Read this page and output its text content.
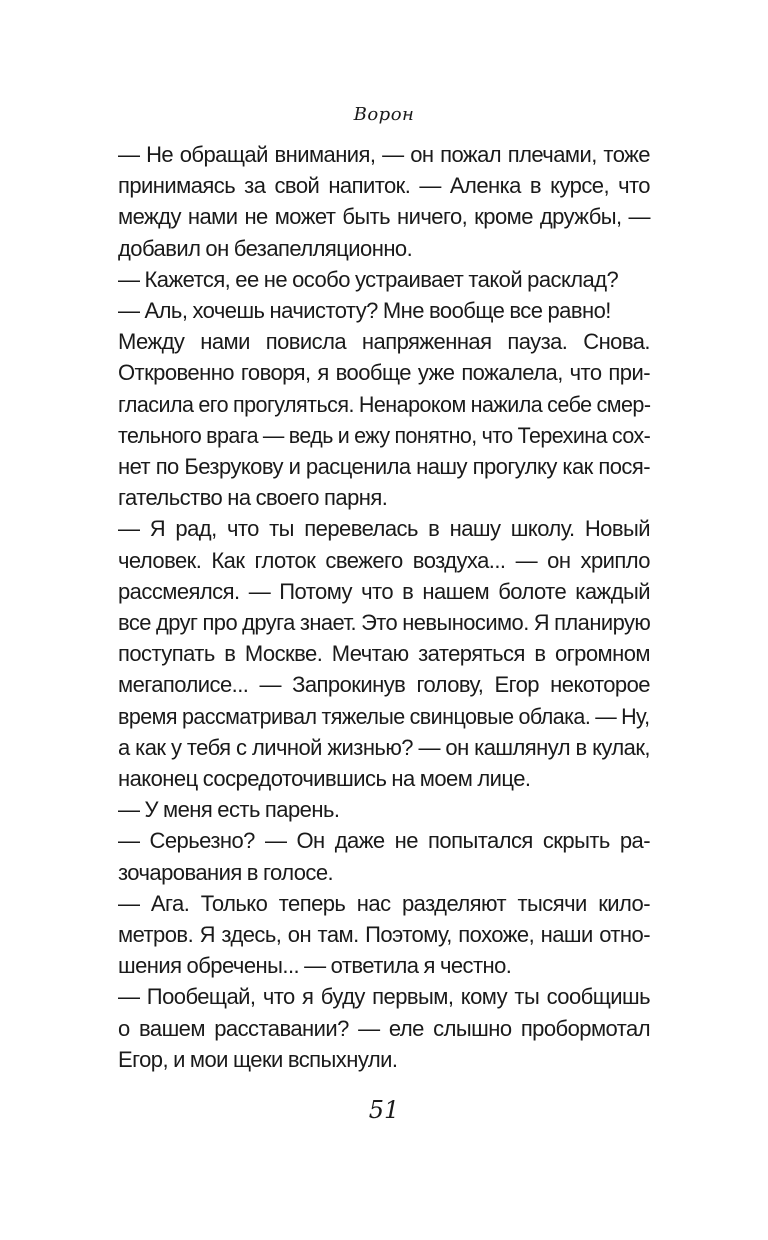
Ворон

— Не обращай внимания, — он пожал плечами, тоже
принимаясь за свой напиток. — Аленка в курсе, что
между нами не может быть ничего, кроме дружбы, —
добавил он безапелляционно.

— Кажется, ее не особо устраивает такой расклад?

— Аль, хочешь начистоту? Мне вообще все равно!

Между нами повисла напряженная пауза. Снова.
Откровенно говоря, я вообще уже пожалела, что при-
гласила его прогуляться. Ненароком нажила себе смер-
тельного врага — ведь и ежу понятно, что Терехина сох-
нет по Безрукову и расценила нашу прогулку как пося-
гательство на своего парня.

— Я рад, что ты перевелась в нашу школу. Новый
человек. Как глоток свежего воздуха... — он хрипло
рассмеялся. — Потому что в нашем болоте каждый
все друг про друга знает. Это невыносимо. Я планирую
поступать в Москве. Мечтаю затеряться в огромном
мегаполисе... — Запрокинув голову, Егор некоторое
время рассматривал тяжелые свинцовые облака. — Ну,
а как у тебя с личной жизнью? — он кашлянул в кулак,
наконец сосредоточившись на моем лице.

— У меня есть парень.

— Серьезно? — Он даже не попытался скрыть ра-
зочарования в голосе.

— Ага. Только теперь нас разделяют тысячи кило-
метров. Я здесь, он там. Поэтому, похоже, наши отно-
шения обречены... — ответила я честно.

— Пообещай, что я буду первым, кому ты сообщишь
о вашем расставании? — еле слышно пробормотал
Егор, и мои щеки вспыхнули.

51
